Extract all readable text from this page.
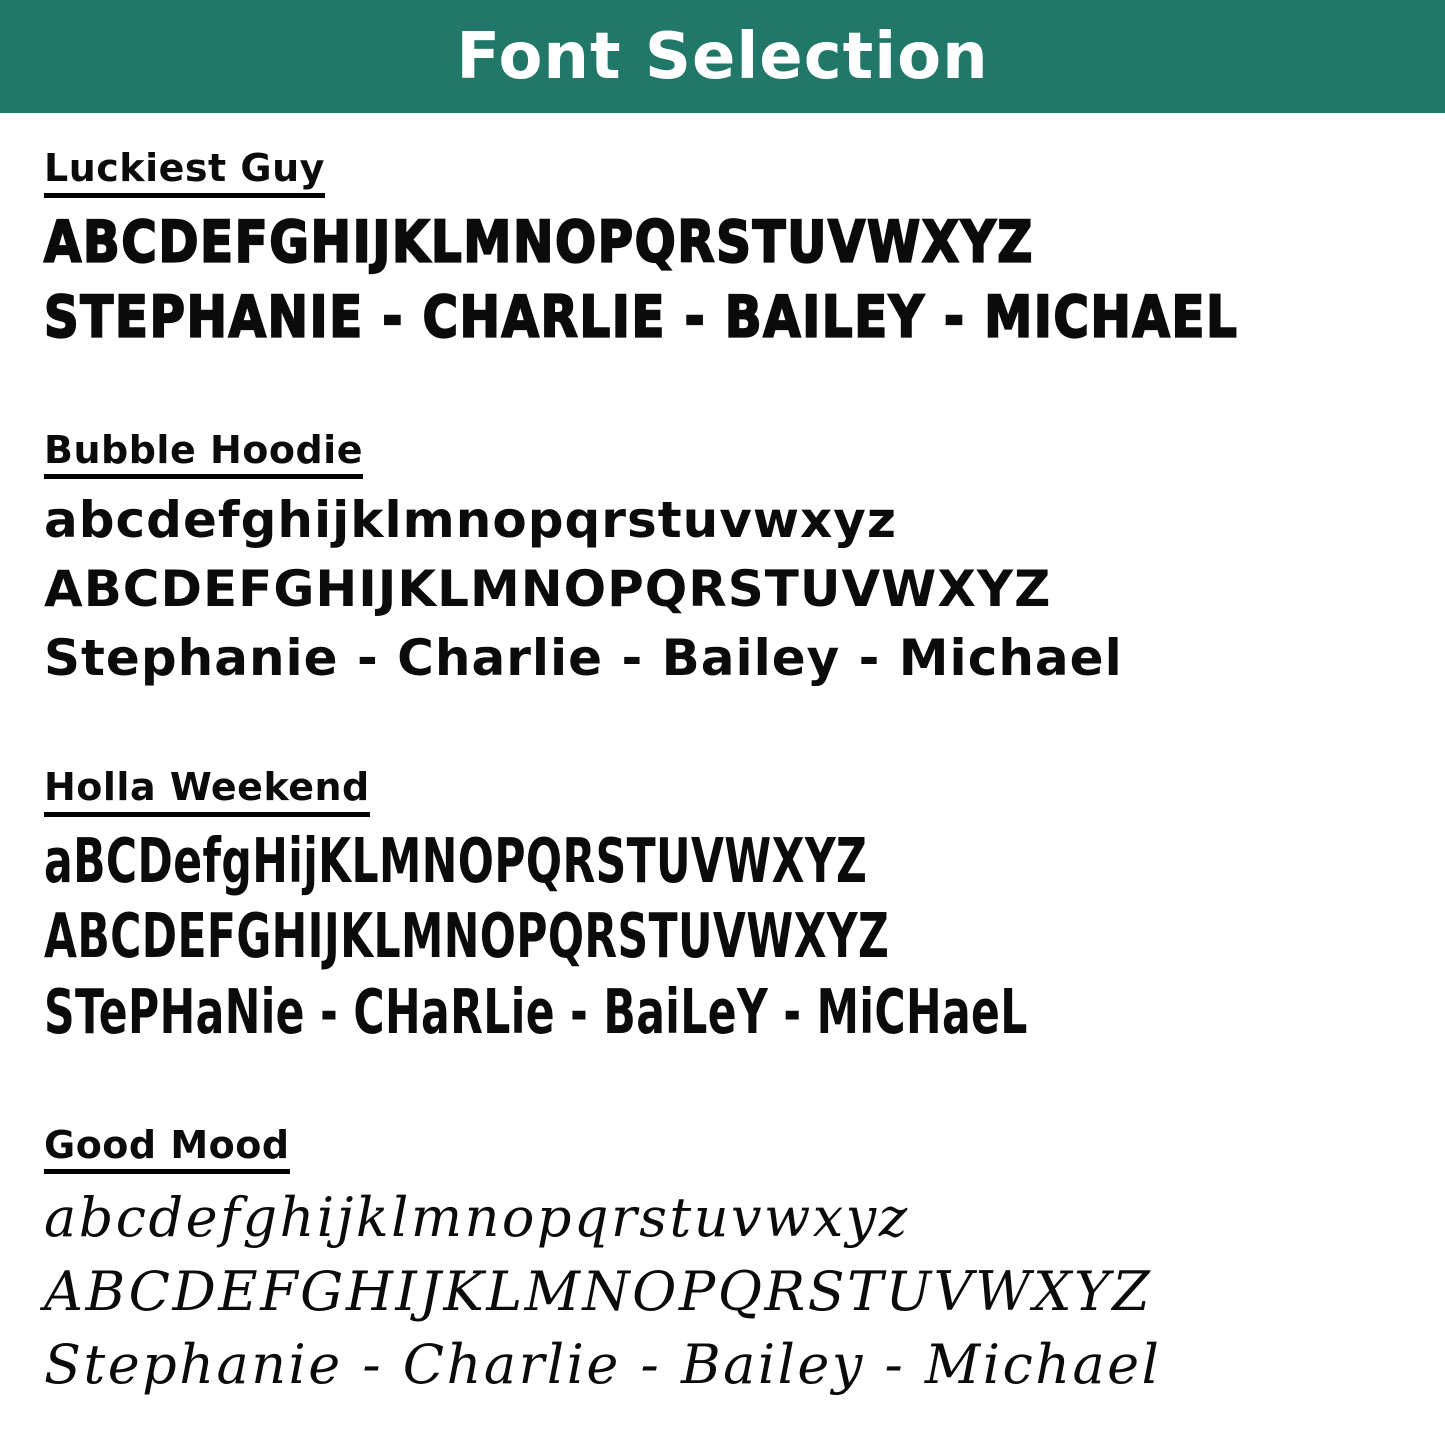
Font Selection
Luckiest Guy
ABCDEFGHIJKLMNOPQRSTUVWXYZ
STEPHANIE - CHARLIE - BAILEY - MICHAEL
Bubble Hoodie
abcdefghijklmnopqrstuvwxyz
ABCDEFGHIJKLMNOPQRSTUVWXYZ
Stephanie - Charlie - Bailey - Michael
Holla Weekend
aBCDefgHijKLMNOPQRSTUVWXYZ
ABCDEFGHIJKLMNOPQRSTUVWXYZ
STePHaNie - CHaRLie - BaiLeY - MiCHaeL
Good Mood
abcdefghijklmnopqrstuvwxyz
ABCDEFGHIJKLMNOPQRSTUVWXYZ
Stephanie - Charlie - Bailey - Michael
